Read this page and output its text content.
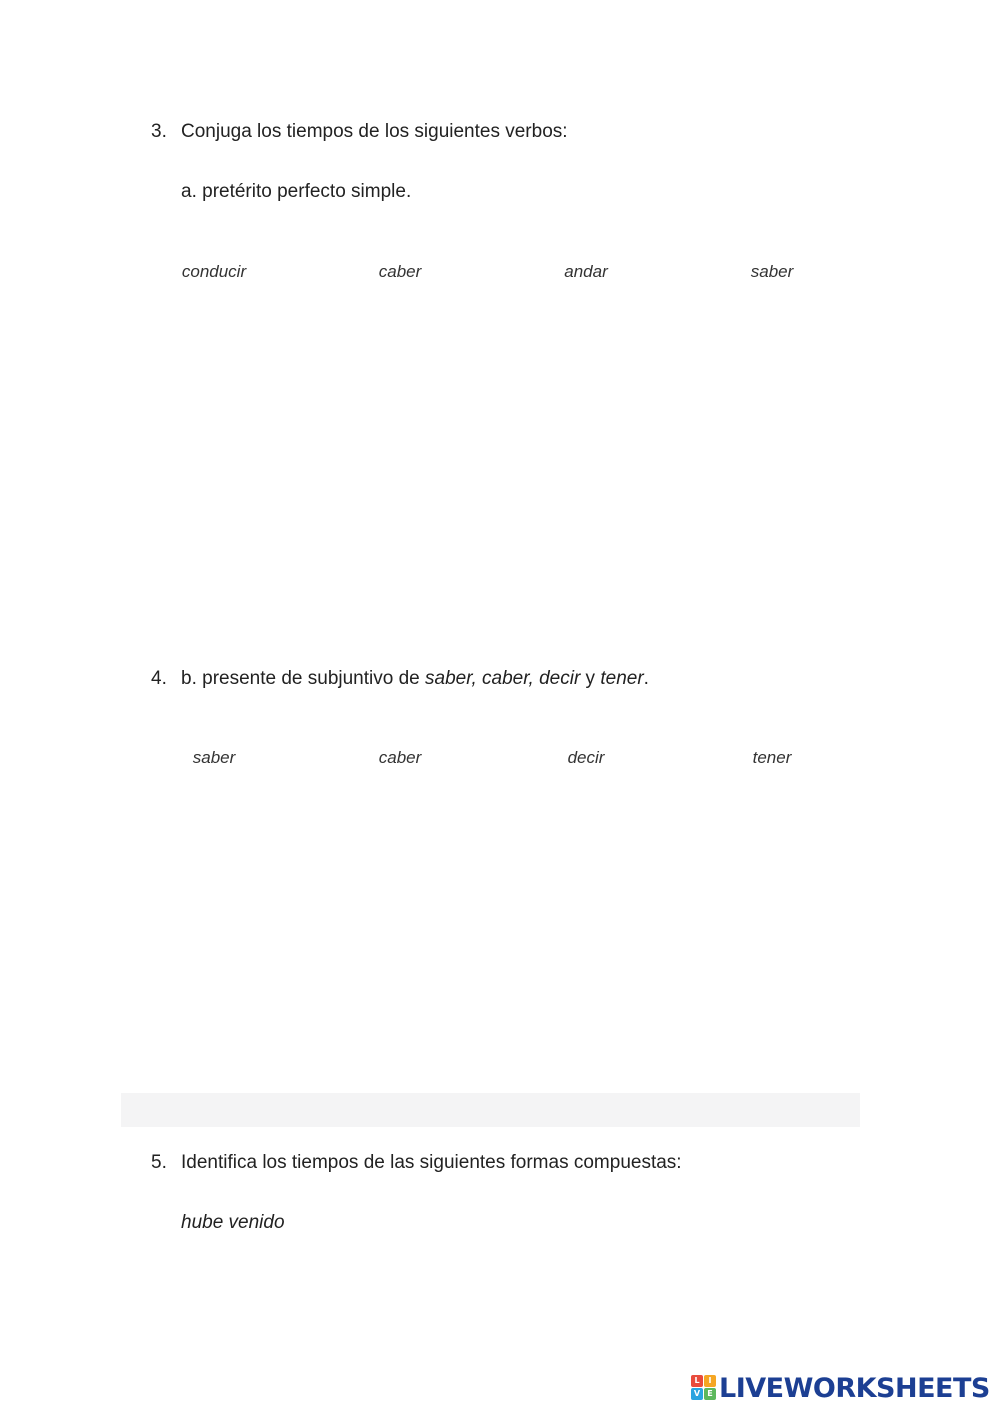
3. Conjuga los tiempos de los siguientes verbos:
a. pretérito perfecto simple.
conducir	caber	andar	saber
4. b. presente de subjuntivo de saber, caber, decir y tener.
saber	caber	decir	tener
5. Identifica los tiempos de las siguientes formas compuestas:
hube venido
L	I
V E LIVEWORKSHEETS
